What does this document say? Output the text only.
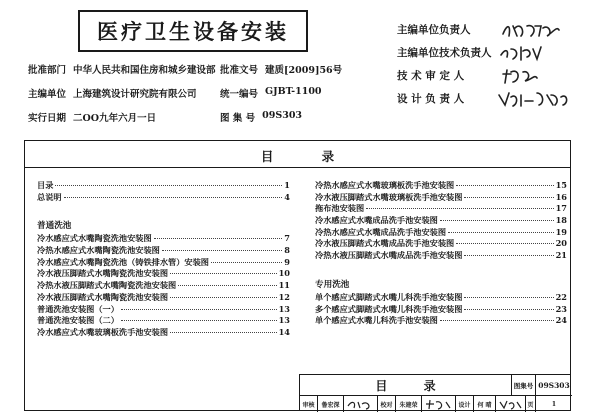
医疗卫生设备安装
批准部门 中华人民共和国住房和城乡建设部 批准文号 建质[2009]56号
主编单位 上海建筑设计研究院有限公司 统一编号 GJBT-1100
实行日期 二OO九年六月一日	图 集 号 09S303
主编单位负责人
主编单位技术负责人
技 术 审 定 人
设 计 负 责 人
目 录
目录	1
总说明	4
普通洗池
冷水感应式水嘴陶瓷洗池安装图	7
冷热水感应式水嘴陶瓷洗池安装图	8
冷水感应式水嘴陶瓷洗池（铸铁排水管）安装图	9
冷水液压脚踏式水嘴陶瓷洗池安装图	10
冷热水液压脚踏式水嘴陶瓷洗池安装图	11
冷水液压脚踏式水嘴陶瓷洗池安装图	12
普通洗池安装图（一）	13
普通洗池安装图（二）	13
冷水感应式水嘴玻璃板洗手池安装图	14
冷热水感应式水嘴玻璃板洗手池安装图	15
冷水液压脚踏式水嘴玻璃板洗手池安装图	16
拖布池安装图	17
冷水感应式水嘴成品洗手池安装图	18
冷热水感应式水嘴成品洗手池安装图	19
冷水液压脚踏式水嘴成品洗手池安装图	20
冷热水液压脚踏式水嘴成品洗手池安装图	21
专用洗池
单个感应式脚踏式水嘴儿科洗手池安装图	22
多个感应式脚踏式水嘴儿科洗手池安装图	23
单个感应式水嘴儿科洗手池安装图	24
目 录	图集号 09S303
审核	鲁宏深	校对	朱建荣	设计	何 晴	页	1
